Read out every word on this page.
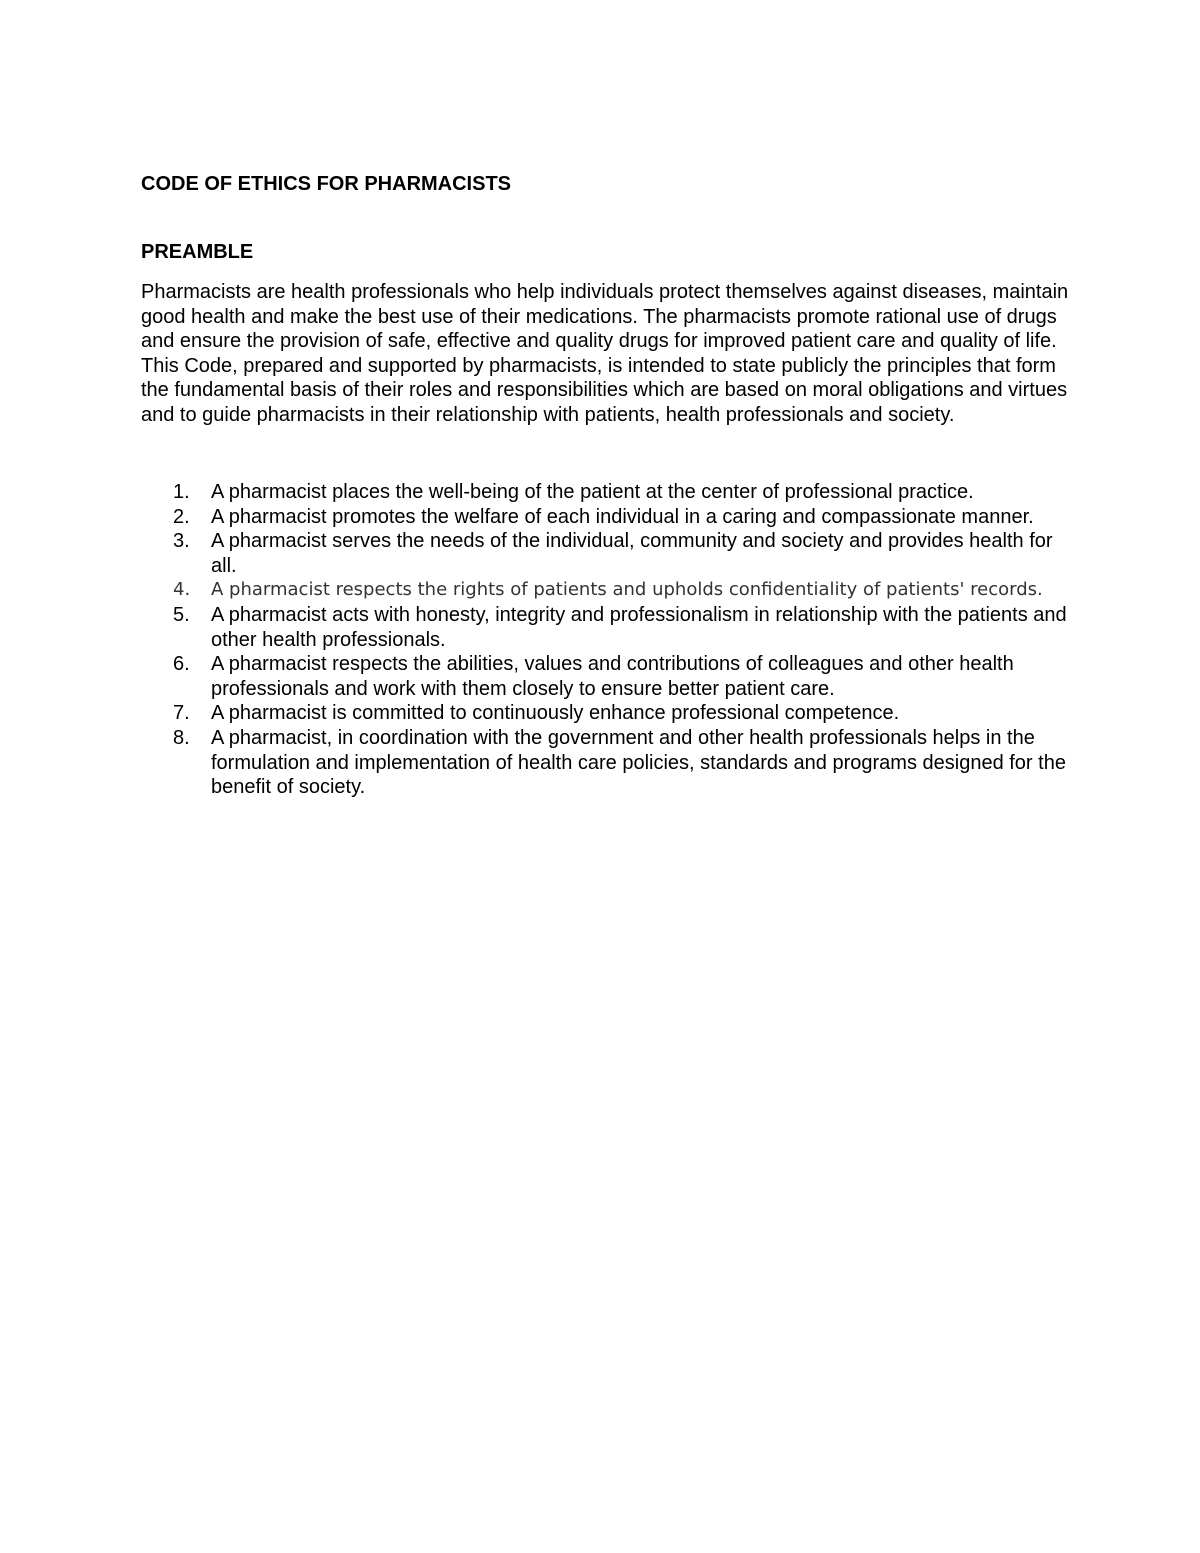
CODE OF ETHICS FOR PHARMACISTS
PREAMBLE

Pharmacists are health professionals who help individuals protect themselves against diseases, maintain good health and make the best use of their medications. The pharmacists promote rational use of drugs and ensure the provision of safe, effective and quality drugs for improved patient care and quality of life. This Code, prepared and supported by pharmacists, is intended to state publicly the principles that form the fundamental basis of their roles and responsibilities which are based on moral obligations and virtues and to guide pharmacists in their relationship with patients, health professionals and society.

1. A pharmacist places the well-being of the patient at the center of professional practice.
2. A pharmacist promotes the welfare of each individual in a caring and compassionate manner.
3. A pharmacist serves the needs of the individual, community and society and provides health for all.
4. A pharmacist respects the rights of patients and upholds confidentiality of patients' records.
5. A pharmacist acts with honesty, integrity and professionalism in relationship with the patients and other health professionals.
6. A pharmacist respects the abilities, values and contributions of colleagues and other health professionals and work with them closely to ensure better patient care.
7. A pharmacist is committed to continuously enhance professional competence.
8. A pharmacist, in coordination with the government and other health professionals helps in the formulation and implementation of health care policies, standards and programs designed for the benefit of society.
